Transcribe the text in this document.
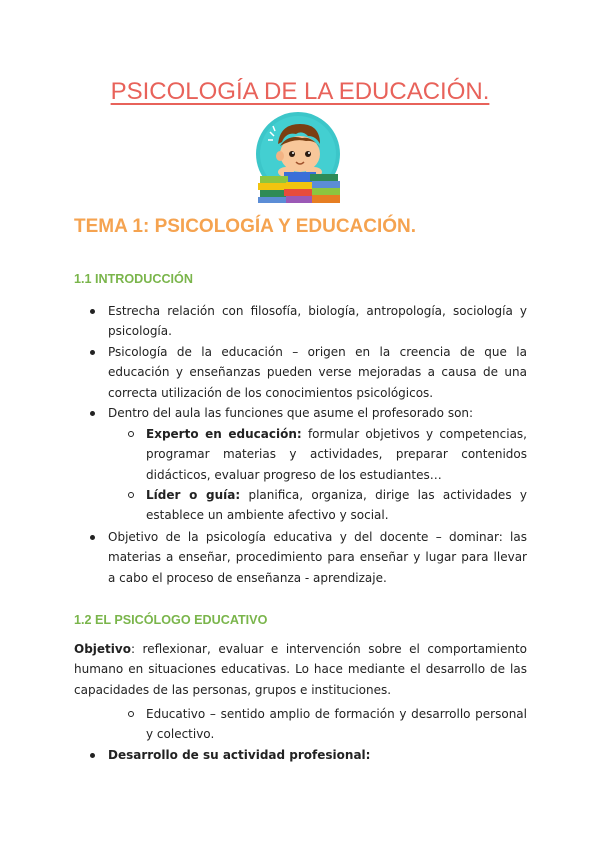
PSICOLOGÍA DE LA EDUCACIÓN.
TEMA 1: PSICOLOGÍA Y EDUCACIÓN.
1.1 INTRODUCCIÓN

Estrecha relación con filosofía, biología, antropología, sociología y psicología.

Psicología de la educación – origen en la creencia de que la educación y enseñanzas pueden verse mejoradas a causa de una correcta utilización de los conocimientos psicológicos.

Dentro del aula las funciones que asume el profesorado son:

Experto en educación: formular objetivos y competencias, programar materias y actividades, preparar contenidos didácticos, evaluar progreso de los estudiantes…

Líder o guía: planifica, organiza, dirige las actividades y establece un ambiente afectivo y social.

Objetivo de la psicología educativa y del docente – dominar: las materias a enseñar, procedimiento para enseñar y lugar para llevar a cabo el proceso de enseñanza - aprendizaje.

1.2 EL PSICÓLOGO EDUCATIVO

Objetivo: reflexionar, evaluar e intervención sobre el comportamiento humano en situaciones educativas. Lo hace mediante el desarrollo de las capacidades de las personas, grupos e instituciones.

Educativo – sentido amplio de formación y desarrollo personal y colectivo.

Desarrollo de su actividad profesional:
